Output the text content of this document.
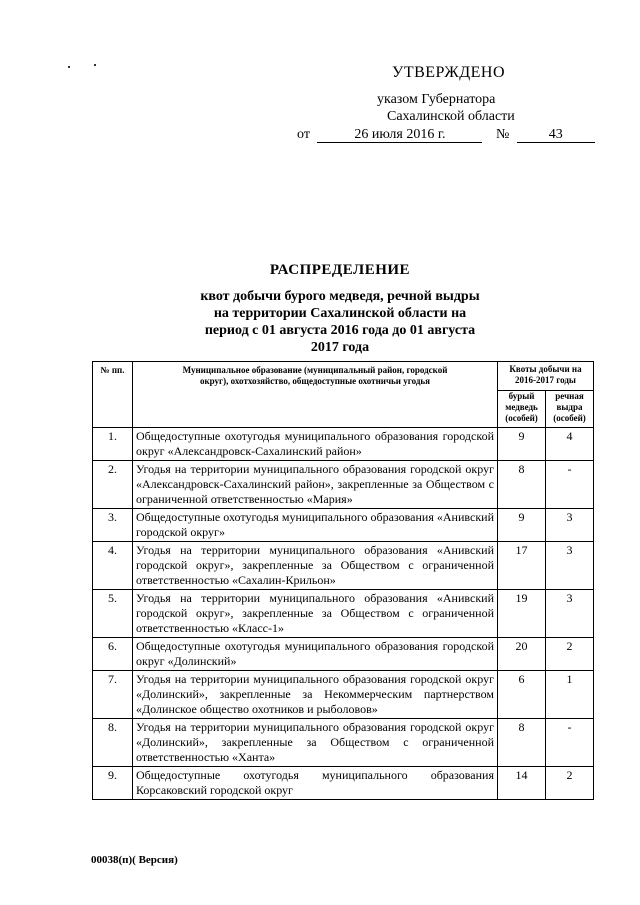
УТВЕРЖДЕНО
указом Губернатора
Сахалинской области
от	26 июля 2016 г.	№	43
РАСПРЕДЕЛЕНИЕ
квот добычи бурого медведя, речной выдры
на территории Сахалинской области на
период с 01 августа 2016 года до 01 августа
2017 года
№ пп.	Муниципальное образование (муниципальный район, городской округ), охотхозяйство, общедоступные охотничьи угодья	Квоты добычи на 2016-2017 годы	
		бурый медведь (особей)	речная выдра (особей)
1.	Общедоступные охотугодья муниципального образования городской округ «Александровск-Сахалинский район»	9	4
2.	Угодья на территории муниципального образования городской округ «Александровск-Сахалинский район», закрепленные за Обществом с ограниченной ответственностью «Мария»	8	-
3.	Общедоступные охотугодья муниципального образования «Анивский городской округ»	9	3
4.	Угодья на территории муниципального образования «Анивский городской округ», закрепленные за Обществом с ограниченной ответственностью «Сахалин-Крильон»	17	3
5.	Угодья на территории муниципального образования «Анивский городской округ», закрепленные за Обществом с ограниченной ответственностью «Класс-1»	19	3
6.	Общедоступные охотугодья муниципального образования городской округ «Долинский»	20	2
7.	Угодья на территории муниципального образования городской округ «Долинский», закрепленные за Некоммерческим партнерством «Долинское общество охотников и рыболовов»	6	1
8.	Угодья на территории муниципального образования городской округ «Долинский», закрепленные за Обществом с ограниченной ответственностью «Ханта»	8	-
9.	Общедоступные охотугодья муниципального образования Корсаковский городской округ	14	2
00038(п)( Версия)
